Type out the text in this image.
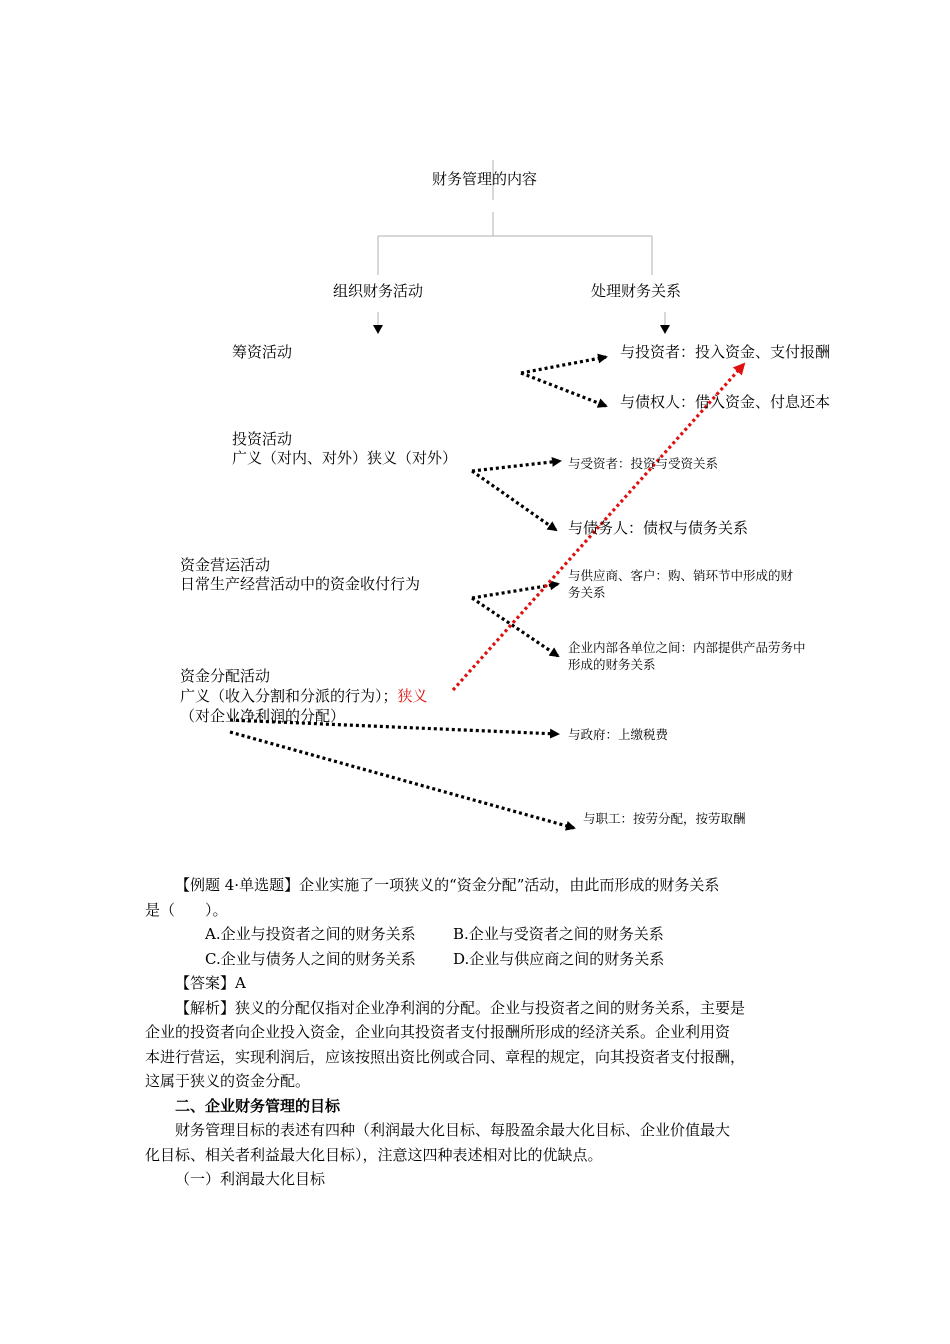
财务管理的内容
组织财务活动	处理财务关系
筹资活动
投资活动
广义（对内、对外）狭义（对外）
资金营运活动
日常生产经营活动中的资金收付行为
资金分配活动
广义（收入分割和分派的行为）；狭义
（对企业净利润的分配）
与投资者：投入资金、支付报酬
与债权人：借入资金、付息还本
与受资者：投资与受资关系
与债务人：债权与债务关系
与供应商、客户：购、销环节中形成的财
务关系
企业内部各单位之间：内部提供产品劳务中
形成的财务关系
与政府：上缴税费
与职工：按劳分配，按劳取酬

【例题 4·单选题】企业实施了一项狭义的“资金分配”活动，由此而形成的财务关系

是（　　）。

A.企业与投资者之间的财务关系 B.企业与受资者之间的财务关系

C.企业与债务人之间的财务关系 D.企业与供应商之间的财务关系

【答案】A

【解析】狭义的分配仅指对企业净利润的分配。企业与投资者之间的财务关系，主要是

企业的投资者向企业投入资金，企业向其投资者支付报酬所形成的经济关系。企业利用资

本进行营运，实现利润后，应该按照出资比例或合同、章程的规定，向其投资者支付报酬，

这属于狭义的资金分配。

二、企业财务管理的目标

财务管理目标的表述有四种（利润最大化目标、每股盈余最大化目标、企业价值最大

化目标、相关者利益最大化目标），注意这四种表述相对比的优缺点。

（一）利润最大化目标
